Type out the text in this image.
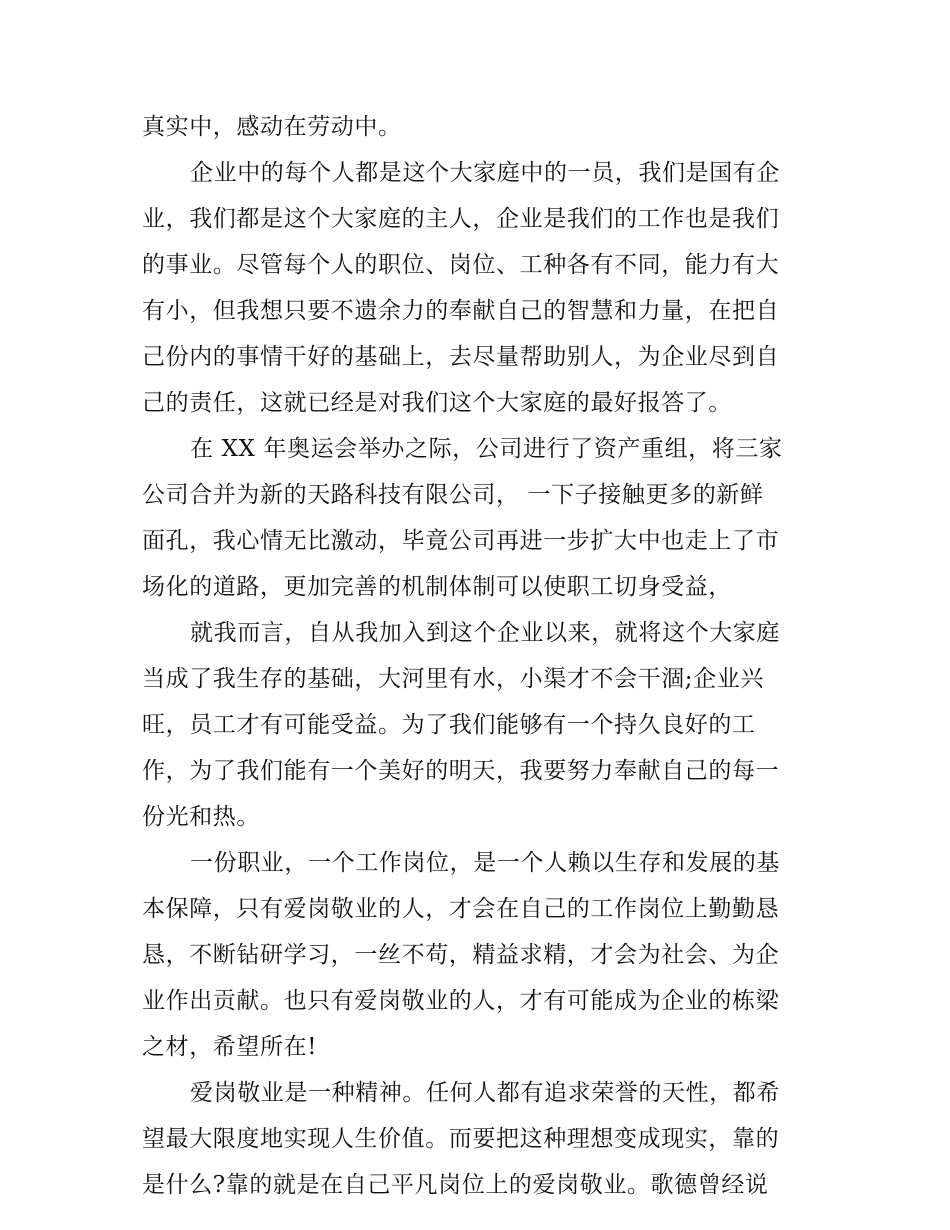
真实中，感动在劳动中。
企业中的每个人都是这个大家庭中的一员，我们是国有企
业，我们都是这个大家庭的主人，企业是我们的工作也是我们
的事业。尽管每个人的职位、岗位、工种各有不同，能力有大
有小，但我想只要不遗余力的奉献自己的智慧和力量，在把自
己份内的事情干好的基础上，去尽量帮助别人，为企业尽到自
己的责任，这就已经是对我们这个大家庭的最好报答了。
在 XX 年奥运会举办之际，公司进行了资产重组，将三家
公司合并为新的天路科技有限公司， 一下子接触更多的新鲜
面孔，我心情无比激动，毕竟公司再进一步扩大中也走上了市
场化的道路，更加完善的机制体制可以使职工切身受益，
就我而言，自从我加入到这个企业以来，就将这个大家庭
当成了我生存的基础，大河里有水，小渠才不会干涸;企业兴
旺，员工才有可能受益。为了我们能够有一个持久良好的工
作，为了我们能有一个美好的明天，我要努力奉献自己的每一
份光和热。
一份职业，一个工作岗位，是一个人赖以生存和发展的基
本保障，只有爱岗敬业的人，才会在自己的工作岗位上勤勤恳
恳，不断钻研学习，一丝不苟，精益求精，才会为社会、为企
业作出贡献。也只有爱岗敬业的人，才有可能成为企业的栋梁
之材，希望所在!
爱岗敬业是一种精神。任何人都有追求荣誉的天性，都希
望最大限度地实现人生价值。而要把这种理想变成现实，靠的
是什么?靠的就是在自己平凡岗位上的爱岗敬业。歌德曾经说
